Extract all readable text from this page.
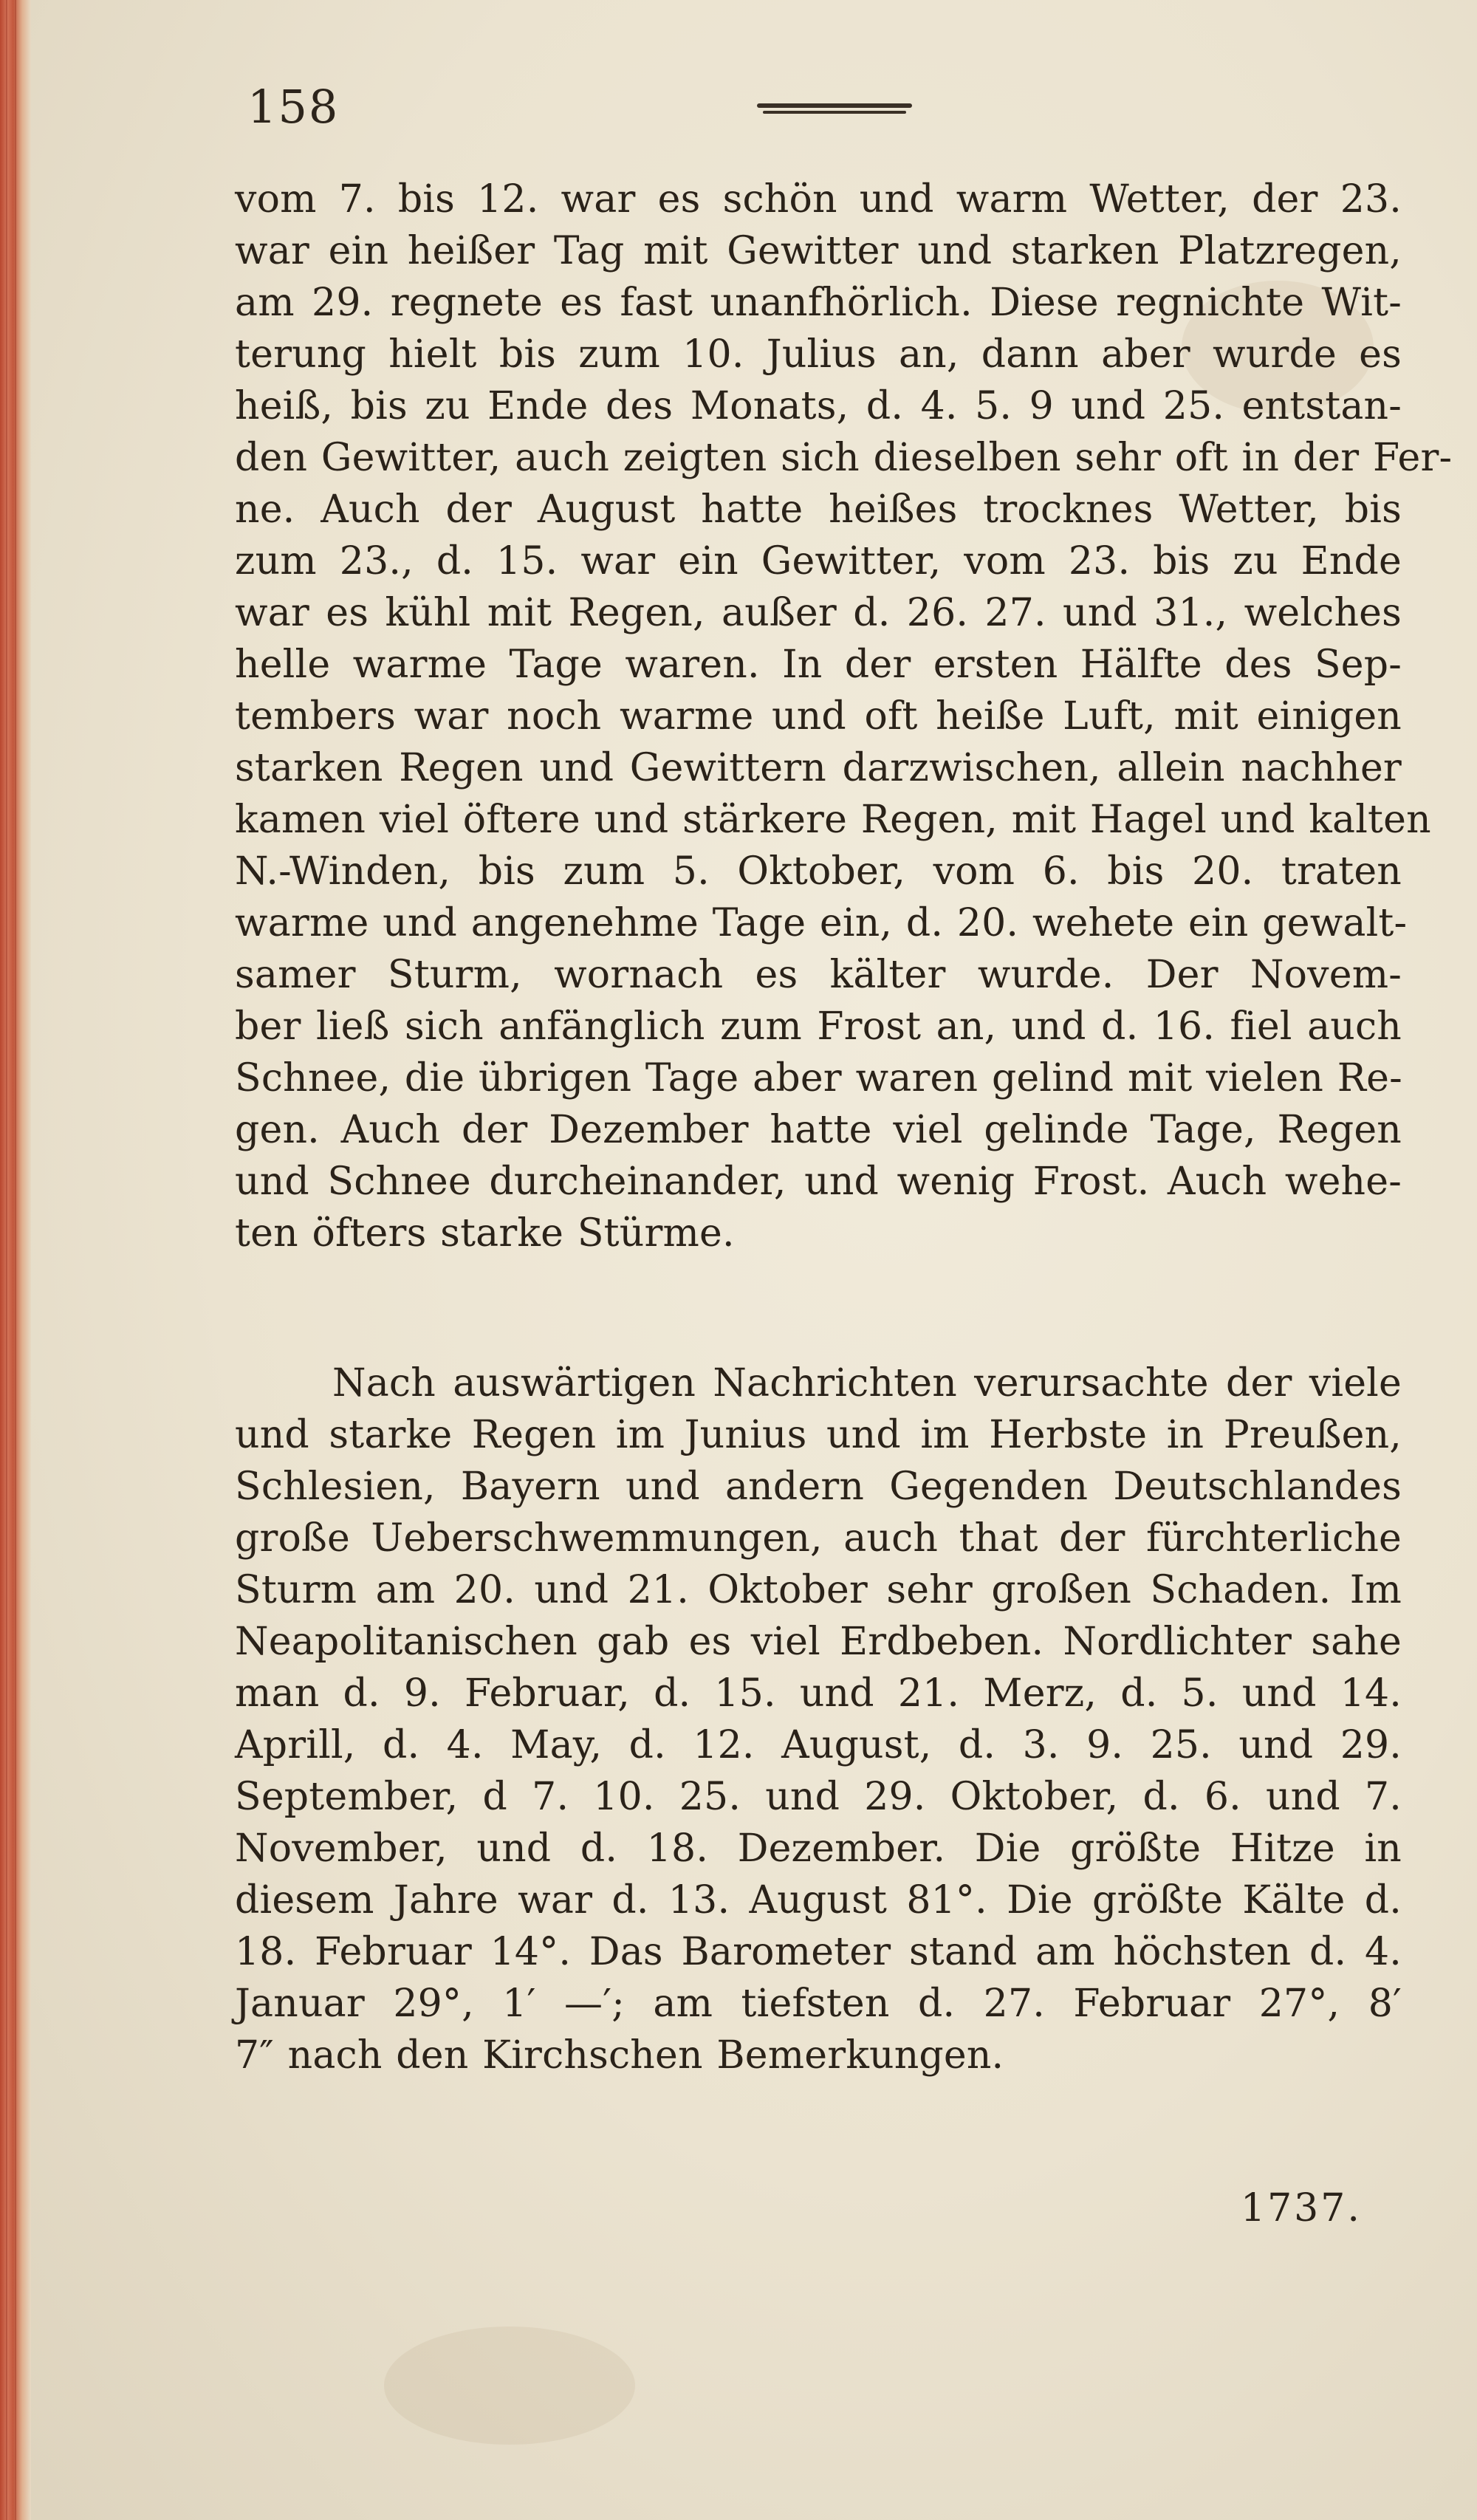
158
vom 7. bis 12. war es schön und warm Wetter, der 23.
war ein heißer Tag mit Gewitter und starken Platzregen,
am 29. regnete es fast unanfhörlich. Diese regnichte Wit-
terung hielt bis zum 10. Julius an, dann aber wurde es
heiß, bis zu Ende des Monats, d. 4. 5. 9 und 25. entstan-
den Gewitter, auch zeigten sich dieselben sehr oft in der Fer-
ne. Auch der August hatte heißes trocknes Wetter, bis
zum 23., d. 15. war ein Gewitter, vom 23. bis zu Ende
war es kühl mit Regen, außer d. 26. 27. und 31., welches
helle warme Tage waren. In der ersten Hälfte des Sep-
tembers war noch warme und oft heiße Luft, mit einigen
starken Regen und Gewittern darzwischen, allein nachher
kamen viel öftere und stärkere Regen, mit Hagel und kalten
N.-Winden, bis zum 5. Oktober, vom 6. bis 20. traten
warme und angenehme Tage ein, d. 20. wehete ein gewalt-
samer Sturm, wornach es kälter wurde. Der Novem-
ber ließ sich anfänglich zum Frost an, und d. 16. fiel auch
Schnee, die übrigen Tage aber waren gelind mit vielen Re-
gen. Auch der Dezember hatte viel gelinde Tage, Regen
und Schnee durcheinander, und wenig Frost. Auch wehe-
ten öfters starke Stürme.
Nach auswärtigen Nachrichten verursachte der viele
und starke Regen im Junius und im Herbste in Preußen,
Schlesien, Bayern und andern Gegenden Deutschlandes
große Ueberschwemmungen, auch that der fürchterliche
Sturm am 20. und 21. Oktober sehr großen Schaden. Im
Neapolitanischen gab es viel Erdbeben. Nordlichter sahe
man d. 9. Februar, d. 15. und 21. Merz, d. 5. und 14.
Aprill, d. 4. May, d. 12. August, d. 3. 9. 25. und 29.
September, d 7. 10. 25. und 29. Oktober, d. 6. und 7.
November, und d. 18. Dezember. Die größte Hitze in
diesem Jahre war d. 13. August 81°. Die größte Kälte d.
18. Februar 14°. Das Barometer stand am höchsten d. 4.
Januar 29°, 1′ —′; am tiefsten d. 27. Februar 27°, 8′
7″ nach den Kirchschen Bemerkungen.
1737.
